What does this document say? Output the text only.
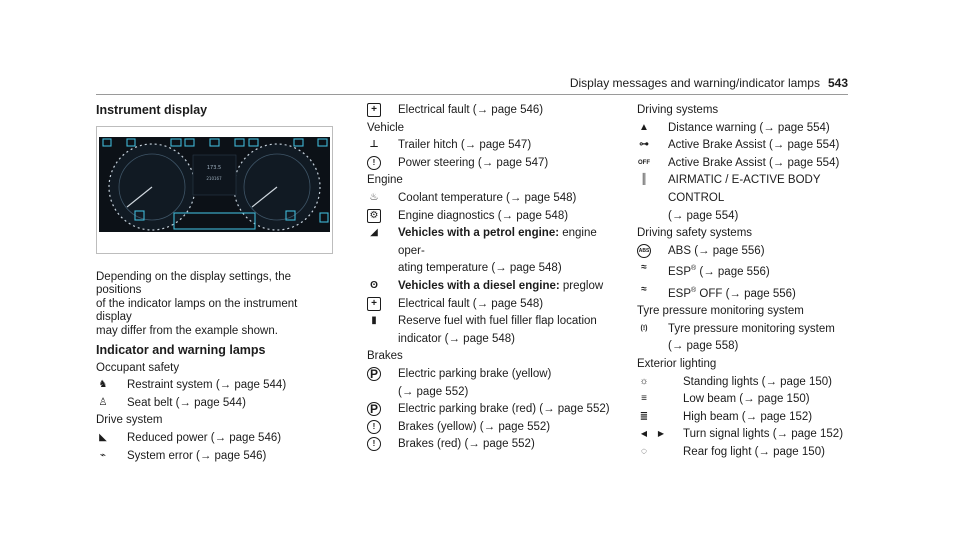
Display messages and warning/indicator lamps 543
Instrument display
173.5
210167
Depending on the display settings, the positions
of the indicator lamps on the instrument display
may differ from the example shown.
Indicator and warning lamps
Occupant safety
♞ Restraint system (→ page 544)
♙ Seat belt (→ page 544)
Drive system
◣ Reduced power (→ page 546)
⌁	System error (→ page 546)
+	Electrical fault (→ page 546)
Vehicle
⊥ Trailer hitch (→ page 547)
!	Power steering (→ page 547)
Engine
♨ Coolant temperature (→ page 548)
⚙ Engine diagnostics (→ page 548)
◢ Vehicles with a petrol engine: engine oper-
ating temperature (→ page 548)
ʘ Vehicles with a diesel engine: preglow
+	Electrical fault (→ page 548)
▮	Reserve fuel with fuel filler flap location
indicator (→ page 548)
Brakes
P Electric parking brake (yellow)
(→ page 552)
P Electric parking brake (red) (→ page 552)
!	Brakes (yellow) (→ page 552)
!	Brakes (red) (→ page 552)
Driving systems
▲ Distance warning (→ page 554)
⊶ Active Brake Assist (→ page 554)
OFF Active Brake Assist (→ page 554)
║	AIRMATIC / E-ACTIVE BODY CONTROL
(→ page 554)
Driving safety systems
ABS ABS (→ page 556)
≈	ESP® (→ page 556)
≈	ESP® OFF (→ page 556)
Tyre pressure monitoring system
(!)	Tyre pressure monitoring system
(→ page 558)
Exterior lighting
☼	Standing lights (→ page 150)
≡	Low beam (→ page 150)
≣	High beam (→ page 152)
◀	▶	Turn signal lights (→ page 152)
◌	Rear fog light (→ page 150)
